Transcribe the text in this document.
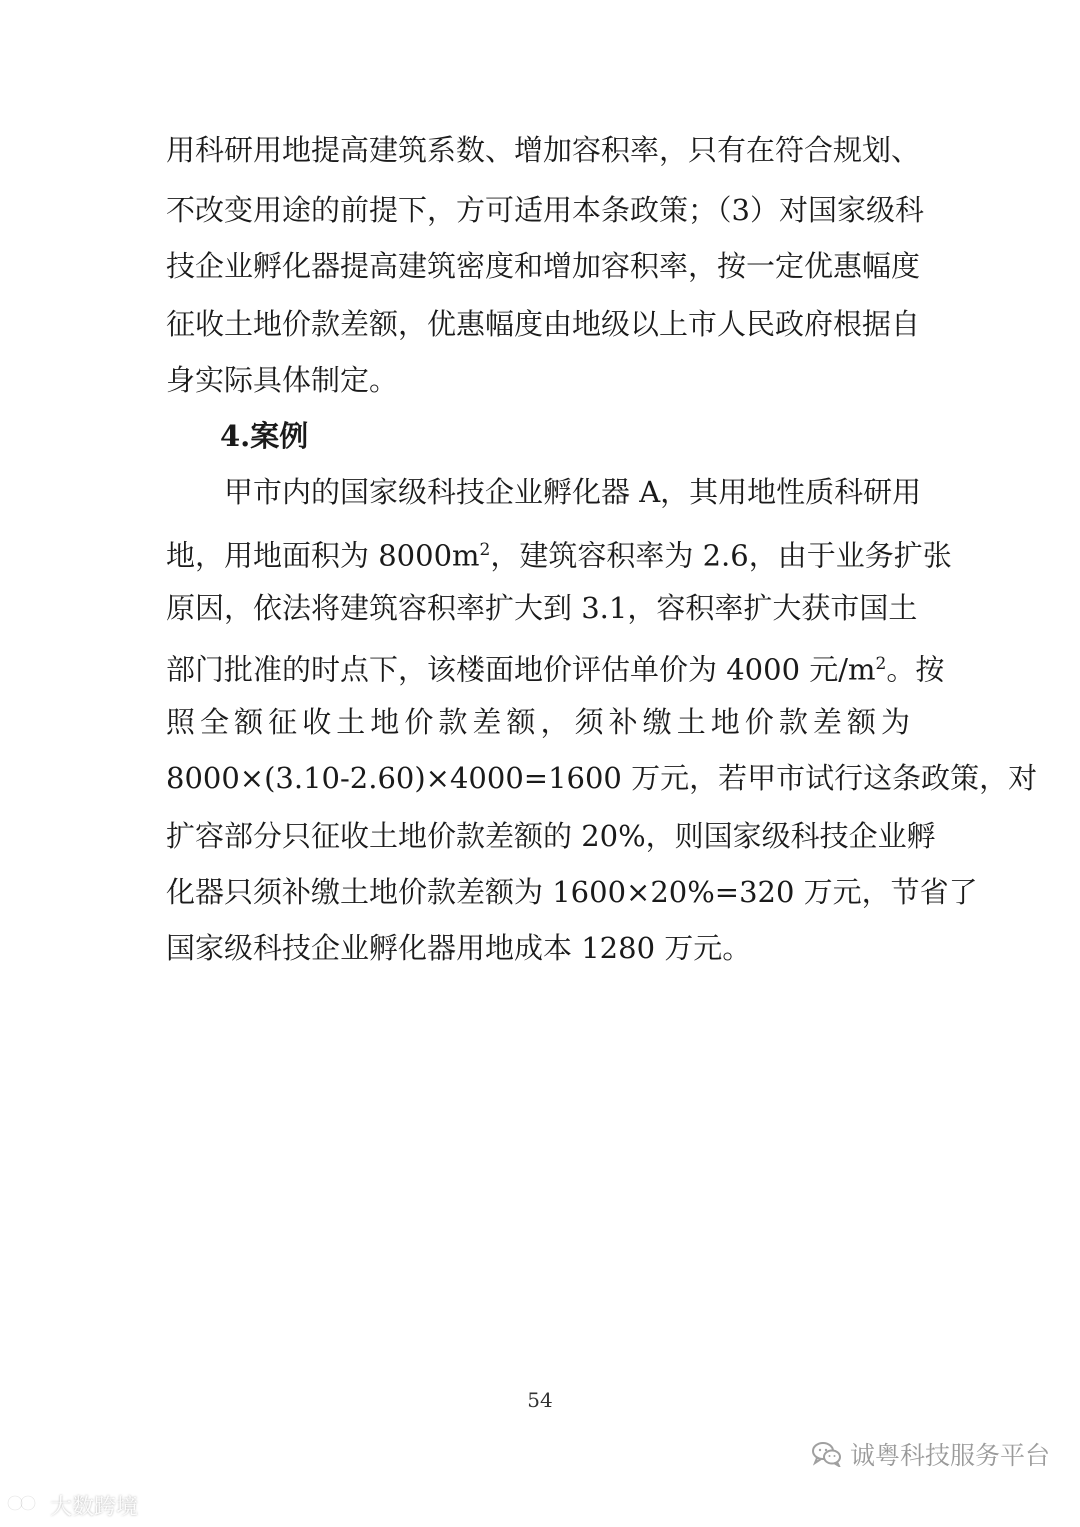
用科研用地提高建筑系数、增加容积率，只有在符合规划、
不改变用途的前提下，方可适用本条政策；（3）对国家级科
技企业孵化器提高建筑密度和增加容积率，按一定优惠幅度
征收土地价款差额，优惠幅度由地级以上市人民政府根据自
身实际具体制定。
4.案例
甲市内的国家级科技企业孵化器 A，其用地性质科研用
地，用地面积为 $8000m^2$，建筑容积率为 2.6，由于业务扩张
原因，依法将建筑容积率扩大到 3.1，容积率扩大获市国土
部门批准的时点下，该楼面地价评估单价为 4000 元$/m^2$。按
照全额征收土地价款差额，须补缴土地价款差额为
8000×(3.10-2.60)×4000=1600 万元，若甲市试行这条政策，对
扩容部分只征收土地价款差额的 20%，则国家级科技企业孵
化器只须补缴土地价款差额为 1600×20%=320 万元，节省了
国家级科技企业孵化器用地成本 1280 万元。
54
诚粤科技服务平台
大数跨境
